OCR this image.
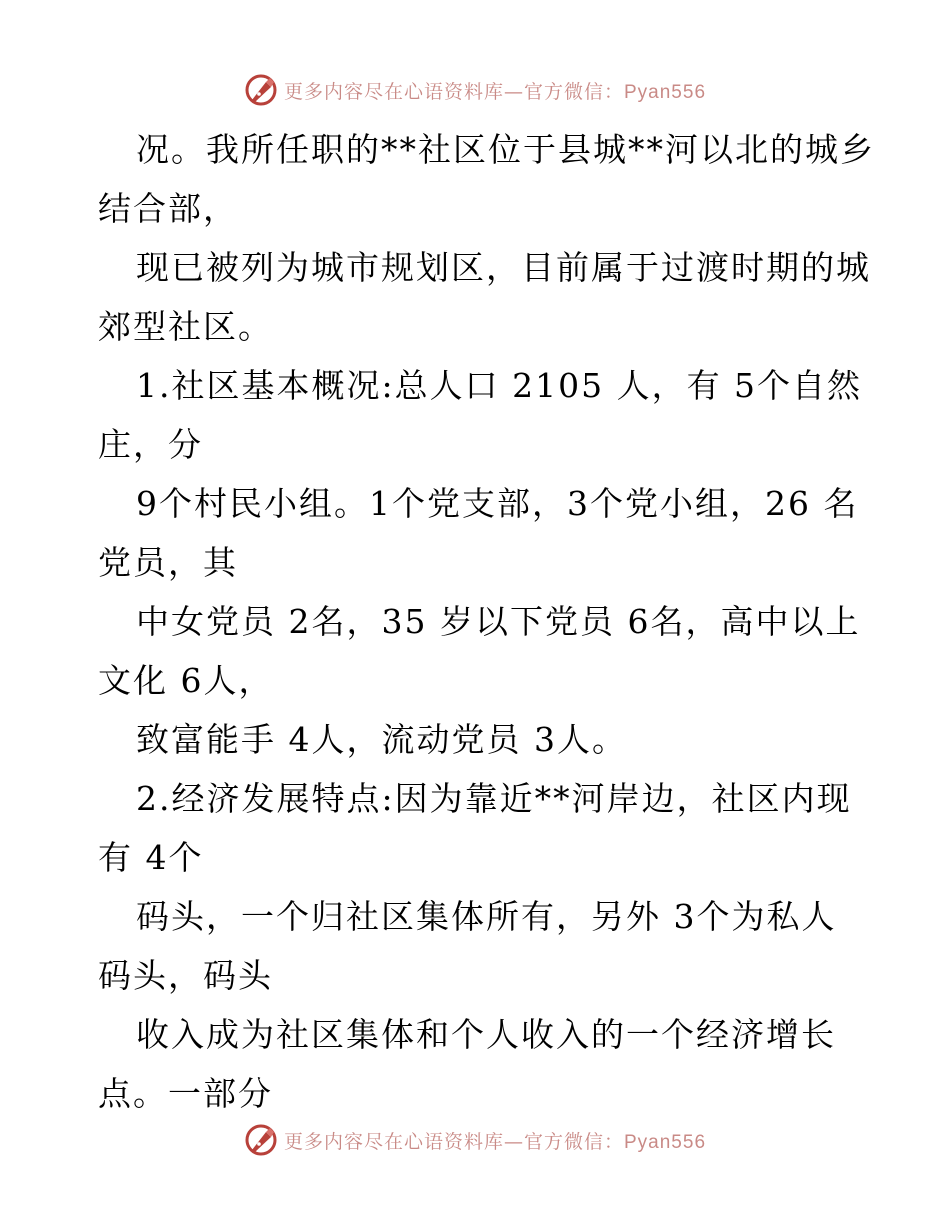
更多内容尽在心语资料库—官方微信：Pyan556
况。我所任职的**社区位于县城**河以北的城乡
结合部，
现已被列为城市规划区，目前属于过渡时期的城
郊型社区。
1.社区基本概况:总人口 2105 人，有 5个自然
庄，分
9个村民小组。1个党支部，3个党小组，26 名
党员，其
中女党员 2名，35 岁以下党员 6名，高中以上
文化 6人，
致富能手 4人，流动党员 3人。
2.经济发展特点:因为靠近**河岸边，社区内现
有 4个
码头，一个归社区集体所有，另外 3个为私人
码头，码头
收入成为社区集体和个人收入的一个经济增长
点。一部分
更多内容尽在心语资料库—官方微信：Pyan556
